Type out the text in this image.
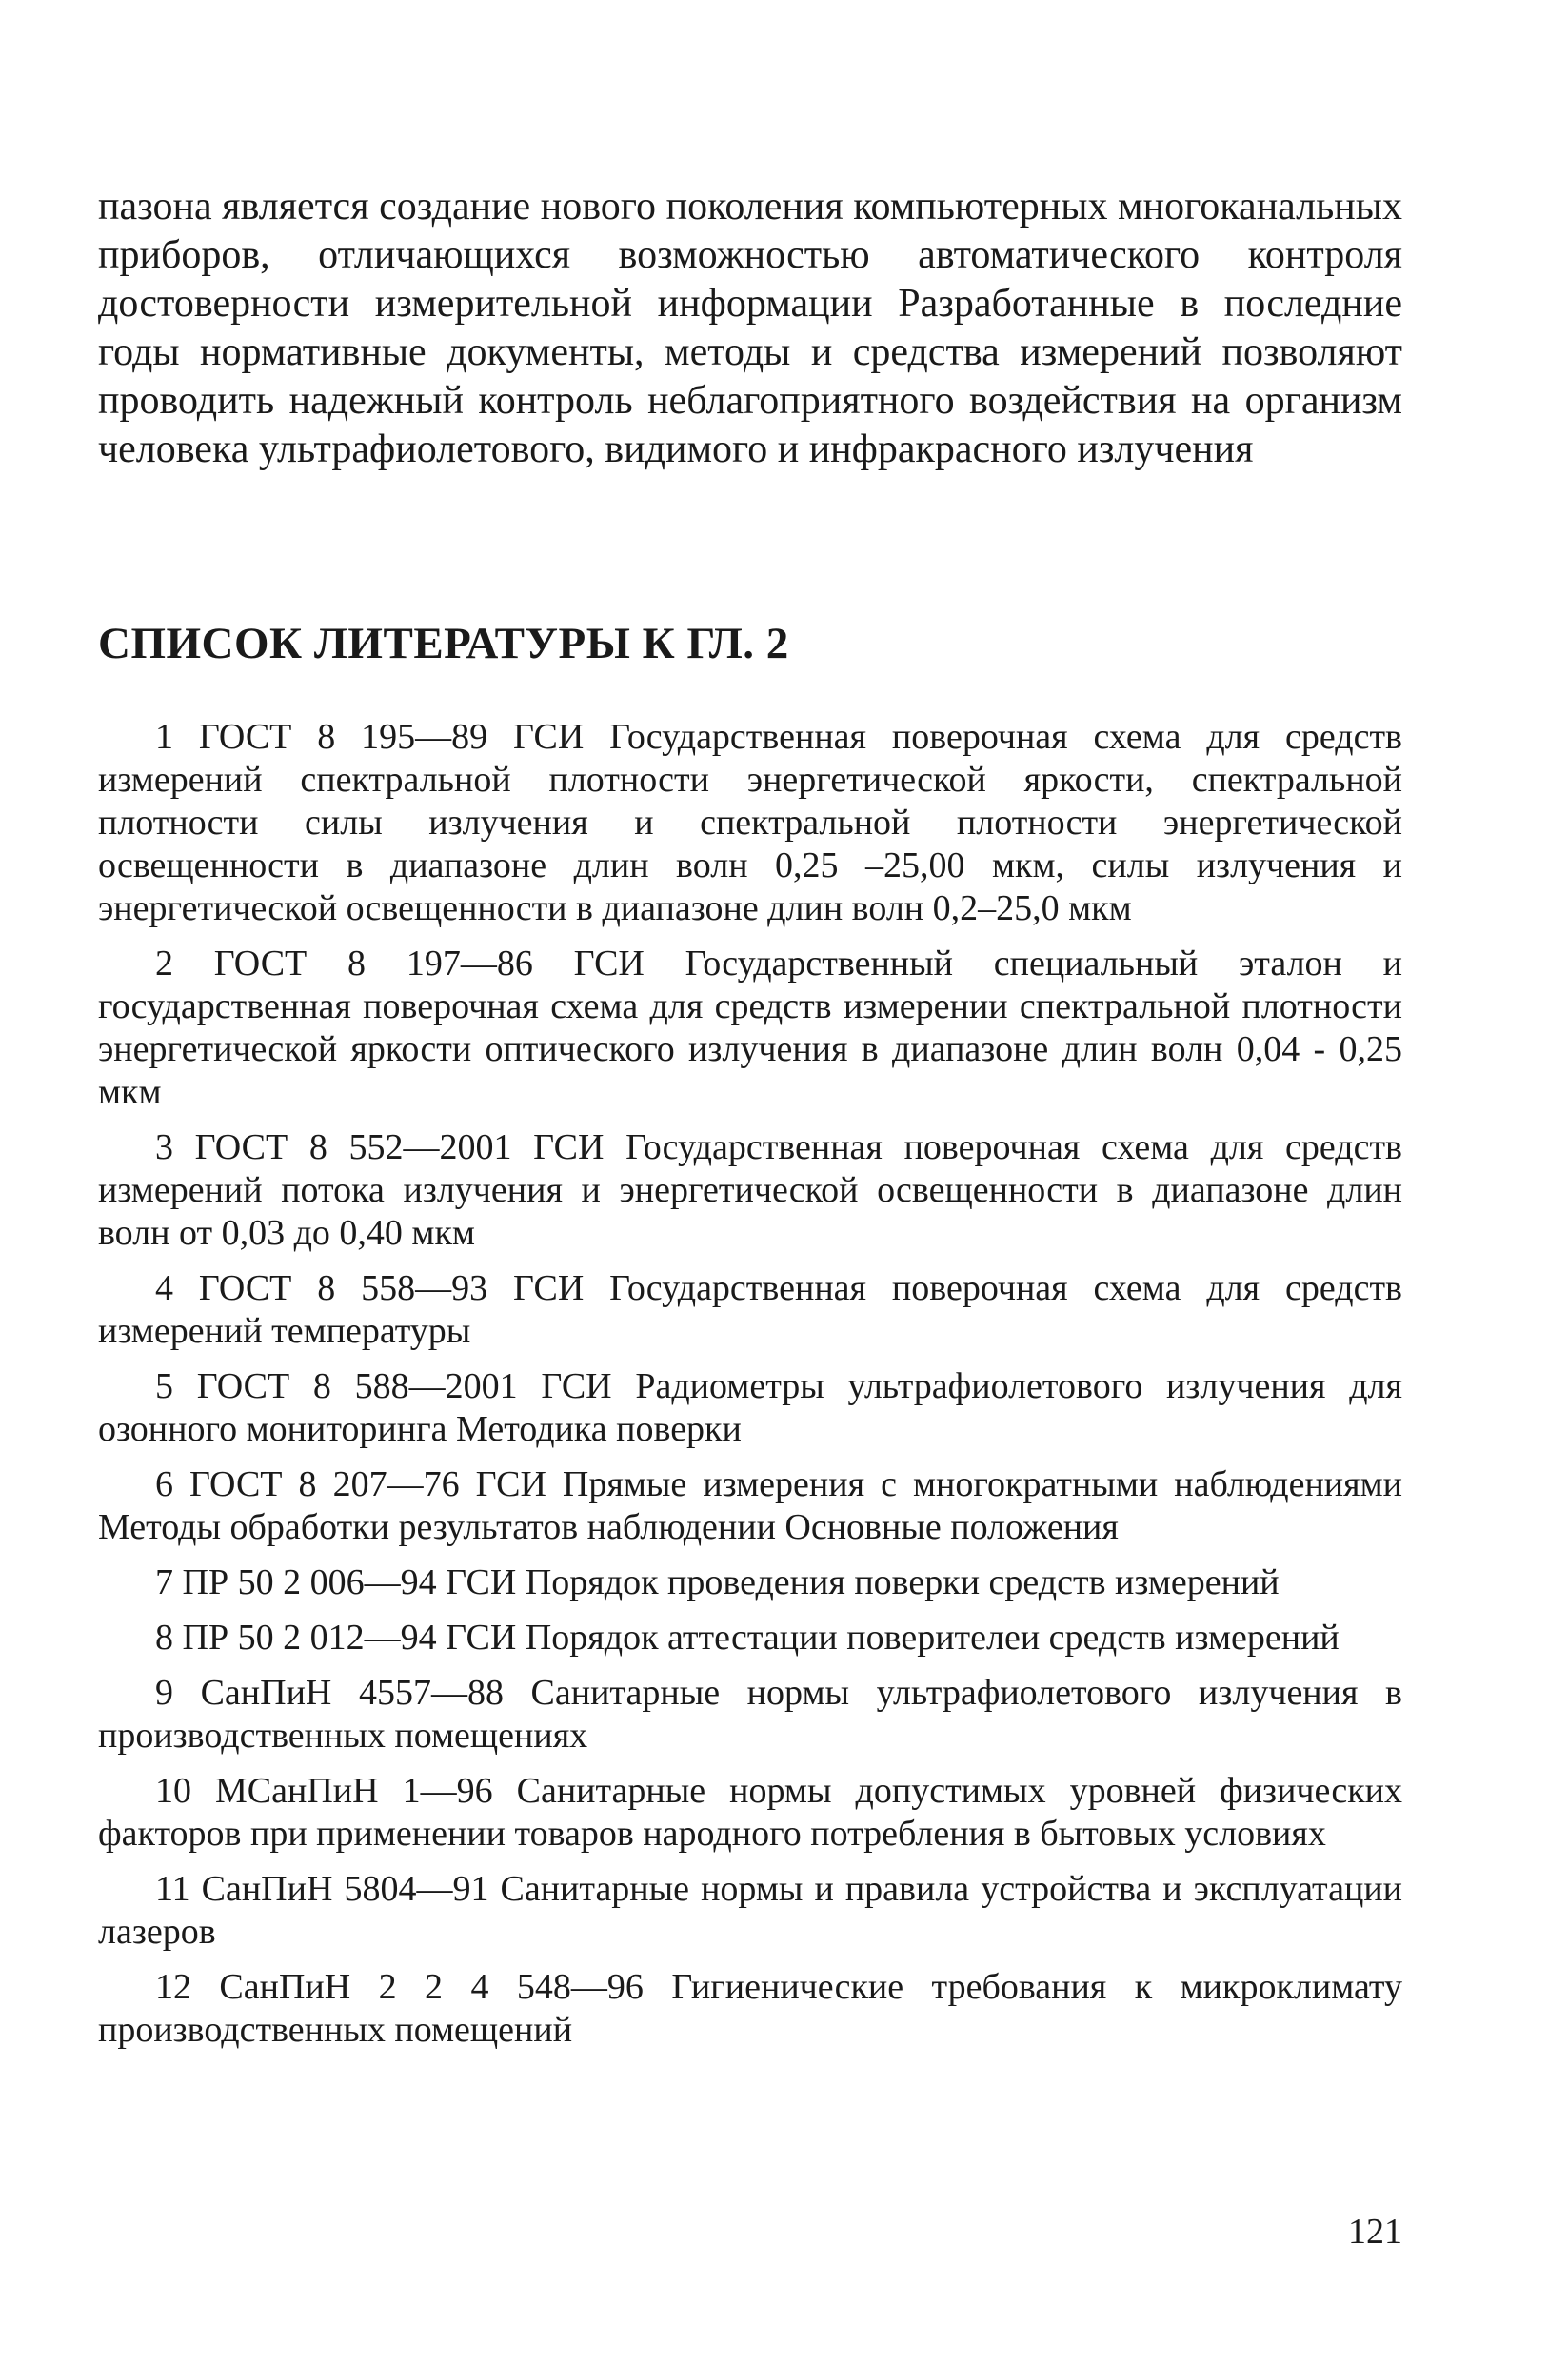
пазона является создание нового поколения компьютерных многоканальных приборов, отличающихся возможностью автоматического контроля достоверности измерительной информации Разработанные в последние годы нормативные документы, методы и средства измерений позволяют проводить надежный контроль неблагоприятного воздействия на организм человека ультрафиолетового, видимого и инфракрасного излучения

СПИСОК ЛИТЕРАТУРЫ К ГЛ. 2
1 ГОСТ 8 195—89 ГСИ Государственная поверочная схема для средств измерений спектральной плотности энергетической яркости, спектральной плотности силы излучения и спектральной плотности энергетической освещенности в диапазоне длин волн 0,25 –25,00 мкм, силы излучения и энергетической освещенности в диапазоне длин волн 0,2–25,0 мкм
2 ГОСТ 8 197—86 ГСИ Государственный специальный эталон и государственная поверочная схема для средств измерении спектральной плотности энергетической яркости оптического излучения в диапазоне длин волн 0,04 - 0,25 мкм
3 ГОСТ 8 552—2001 ГСИ Государственная поверочная схема для средств измерений потока излучения и энергетической освещенности в диапазоне длин волн от 0,03 до 0,40 мкм
4 ГОСТ 8 558—93 ГСИ Государственная поверочная схема для средств измерений температуры
5 ГОСТ 8 588—2001 ГСИ Радиометры ультрафиолетового излучения для озонного мониторинга Методика поверки
6 ГОСТ 8 207—76 ГСИ Прямые измерения с многократными наблюдениями Методы обработки результатов наблюдении Основные положения
7 ПР 50 2 006—94 ГСИ Порядок проведения поверки средств измерений
8 ПР 50 2 012—94 ГСИ Порядок аттестации поверителеи средств измерений
9 СанПиН 4557—88 Санитарные нормы ультрафиолетового излучения в производственных помещениях
10 МСанПиН 1—96 Санитарные нормы допустимых уровней физических факторов при применении товаров народного потребления в бытовых условиях
11 СанПиН 5804—91 Санитарные нормы и правила устройства и эксплуатации лазеров
12 СанПиН 2 2 4 548—96 Гигиенические требования к микроклимату производственных помещений

121
